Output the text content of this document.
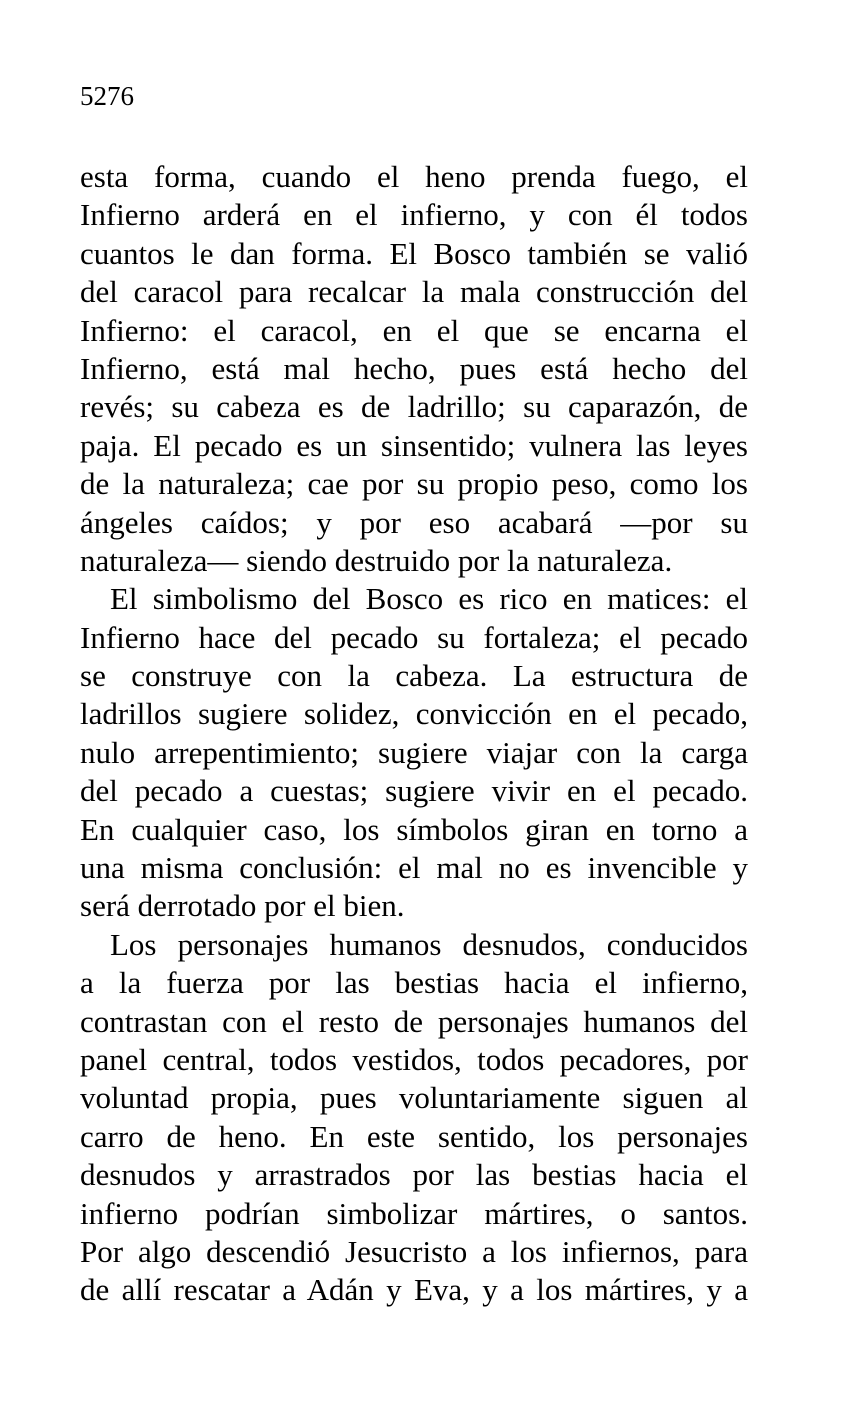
5276
esta forma, cuando el heno prenda fuego, el
Infierno arderá en el infierno, y con él todos
cuantos le dan forma. El Bosco también se valió
del caracol para recalcar la mala construcción del
Infierno: el caracol, en el que se encarna el
Infierno, está mal hecho, pues está hecho del
revés; su cabeza es de ladrillo; su caparazón, de
paja. El pecado es un sinsentido; vulnera las leyes
de la naturaleza; cae por su propio peso, como los
ángeles caídos; y por eso acabará —por su
naturaleza— siendo destruido por la naturaleza.
El simbolismo del Bosco es rico en matices: el
Infierno hace del pecado su fortaleza; el pecado
se construye con la cabeza. La estructura de
ladrillos sugiere solidez, convicción en el pecado,
nulo arrepentimiento; sugiere viajar con la carga
del pecado a cuestas; sugiere vivir en el pecado.
En cualquier caso, los símbolos giran en torno a
una misma conclusión: el mal no es invencible y
será derrotado por el bien.
Los personajes humanos desnudos, conducidos
a la fuerza por las bestias hacia el infierno,
contrastan con el resto de personajes humanos del
panel central, todos vestidos, todos pecadores, por
voluntad propia, pues voluntariamente siguen al
carro de heno. En este sentido, los personajes
desnudos y arrastrados por las bestias hacia el
infierno podrían simbolizar mártires, o santos.
Por algo descendió Jesucristo a los infiernos, para
de allí rescatar a Adán y Eva, y a los mártires, y a
